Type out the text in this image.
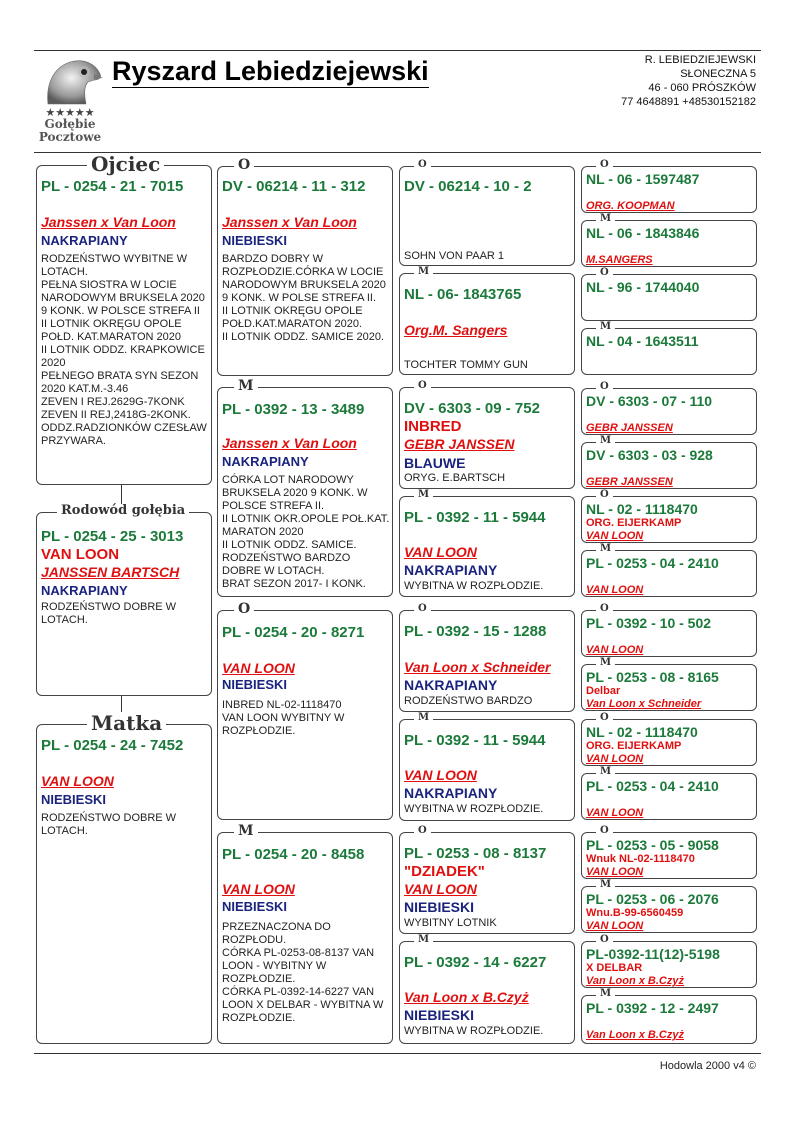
★★★★★
Gołębie
Pocztowe
Ryszard Lebiedziejewski	R. LEBIEDZIEJEWSKI
SŁONECZNA 5
46 - 060 PRÓSZKÓW
77 4648891 +48530152182
Ojciec
PL - 0254 - 21 - 7015
Janssen x Van Loon
NAKRAPIANY
RODZEŃSTWO WYBITNE W LOTACH.
PEŁNA SIOSTRA W LOCIE NARODOWYM BRUKSELA 2020 9 KONK. W POLSCE STREFA II
II LOTNIK OKRĘGU OPOLE POŁD. KAT.MARATON 2020
II LOTNIK ODDZ. KRAPKOWICE 2020
PEŁNEGO BRATA SYN SEZON 2020 KAT.M.-3.46
ZEVEN I REJ.2629G-7KONK ZEVEN II REJ,2418G-2KONK.
ODDZ.RADZIONKÓW CZESŁAW PRZYWARA.
Rodowód gołębia
PL - 0254 - 25 - 3013
VAN LOON
JANSSEN BARTSCH
NAKRAPIANY
RODZEŃSTWO DOBRE W LOTACH.
Matka
PL - 0254 - 24 - 7452
VAN LOON
NIEBIESKI
RODZEŃSTWO DOBRE W LOTACH.
O
DV - 06214 - 11 - 312
Janssen x Van Loon
NIEBIESKI
BARDZO DOBRY W ROZPŁODZIE.CÓRKA W LOCIE NARODOWYM BRUKSELA 2020 9 KONK. W POLSE STREFA II.
II LOTNIK OKRĘGU OPOLE POŁD.KAT.MARATON 2020.
II LOTNIK ODDZ. SAMICE 2020.
M
PL - 0392 - 13 - 3489
Janssen x Van Loon
NAKRAPIANY
CÓRKA LOT NARODOWY BRUKSELA 2020 9 KONK. W POLSCE STREFA II.
II LOTNIK OKR.OPOLE POŁ.KAT. MARATON 2020
II LOTNIK ODDZ. SAMICE.
RODZEŃSTWO BARDZO DOBRE W LOTACH.
BRAT SEZON 2017- I KONK.
O
PL - 0254 - 20 - 8271
VAN LOON
NIEBIESKI
INBRED NL-02-1118470
VAN LOON WYBITNY W ROZPŁODZIE.
M
PL - 0254 - 20 - 8458
VAN LOON
NIEBIESKI
PRZEZNACZONA DO ROZPŁODU.
CÓRKA PL-0253-08-8137 VAN LOON - WYBITNY W ROZPŁODZIE.
CÓRKA PL-0392-14-6227 VAN LOON X DELBAR - WYBITNA W ROZPŁODZIE.
O
DV - 06214 - 10 - 2
SOHN VON PAAR 1
M
NL - 06- 1843765
Org.M. Sangers
TOCHTER TOMMY GUN
O
DV - 6303 - 09 - 752
INBRED
GEBR JANSSEN
BLAUWE
ORYG. E.BARTSCH
M
PL - 0392 - 11 - 5944
VAN LOON
NAKRAPIANY
WYBITNA W ROZPŁODZIE.
O
PL - 0392 - 15 - 1288
Van Loon x Schneider
NAKRAPIANY
RODZEŃSTWO BARDZO
M
PL - 0392 - 11 - 5944
VAN LOON
NAKRAPIANY
WYBITNA W ROZPŁODZIE.
O
PL - 0253 - 08 - 8137
"DZIADEK"
VAN LOON
NIEBIESKI
WYBITNY LOTNIK
M
PL - 0392 - 14 - 6227
Van Loon x B.Czyż
NIEBIESKI
WYBITNA W ROZPŁODZIE.
O
NL - 06 - 1597487
ORG. KOOPMAN
M
NL - 06 - 1843846
M.SANGERS
O
NL - 96 - 1744040
M
NL - 04 - 1643511
O
DV - 6303 - 07 - 110
GEBR JANSSEN
M
DV - 6303 - 03 - 928
GEBR JANSSEN
O
NL - 02 - 1118470
ORG. EIJERKAMP
VAN LOON
M
PL - 0253 - 04 - 2410
VAN LOON
O
PL - 0392 - 10 - 502
VAN LOON
M
PL - 0253 - 08 - 8165
Delbar
Van Loon x Schneider
O
NL - 02 - 1118470
ORG. EIJERKAMP
VAN LOON
M
PL - 0253 - 04 - 2410
VAN LOON
O
PL - 0253 - 05 - 9058
Wnuk NL-02-1118470
VAN LOON
M
PL - 0253 - 06 - 2076
Wnu.B-99-6560459
VAN LOON
O
PL-0392-11(12)-5198
X DELBAR
Van Loon x B.Czyż
M
PL - 0392 - 12 - 2497
Van Loon x B.Czyż
Hodowla 2000 v4 ©
